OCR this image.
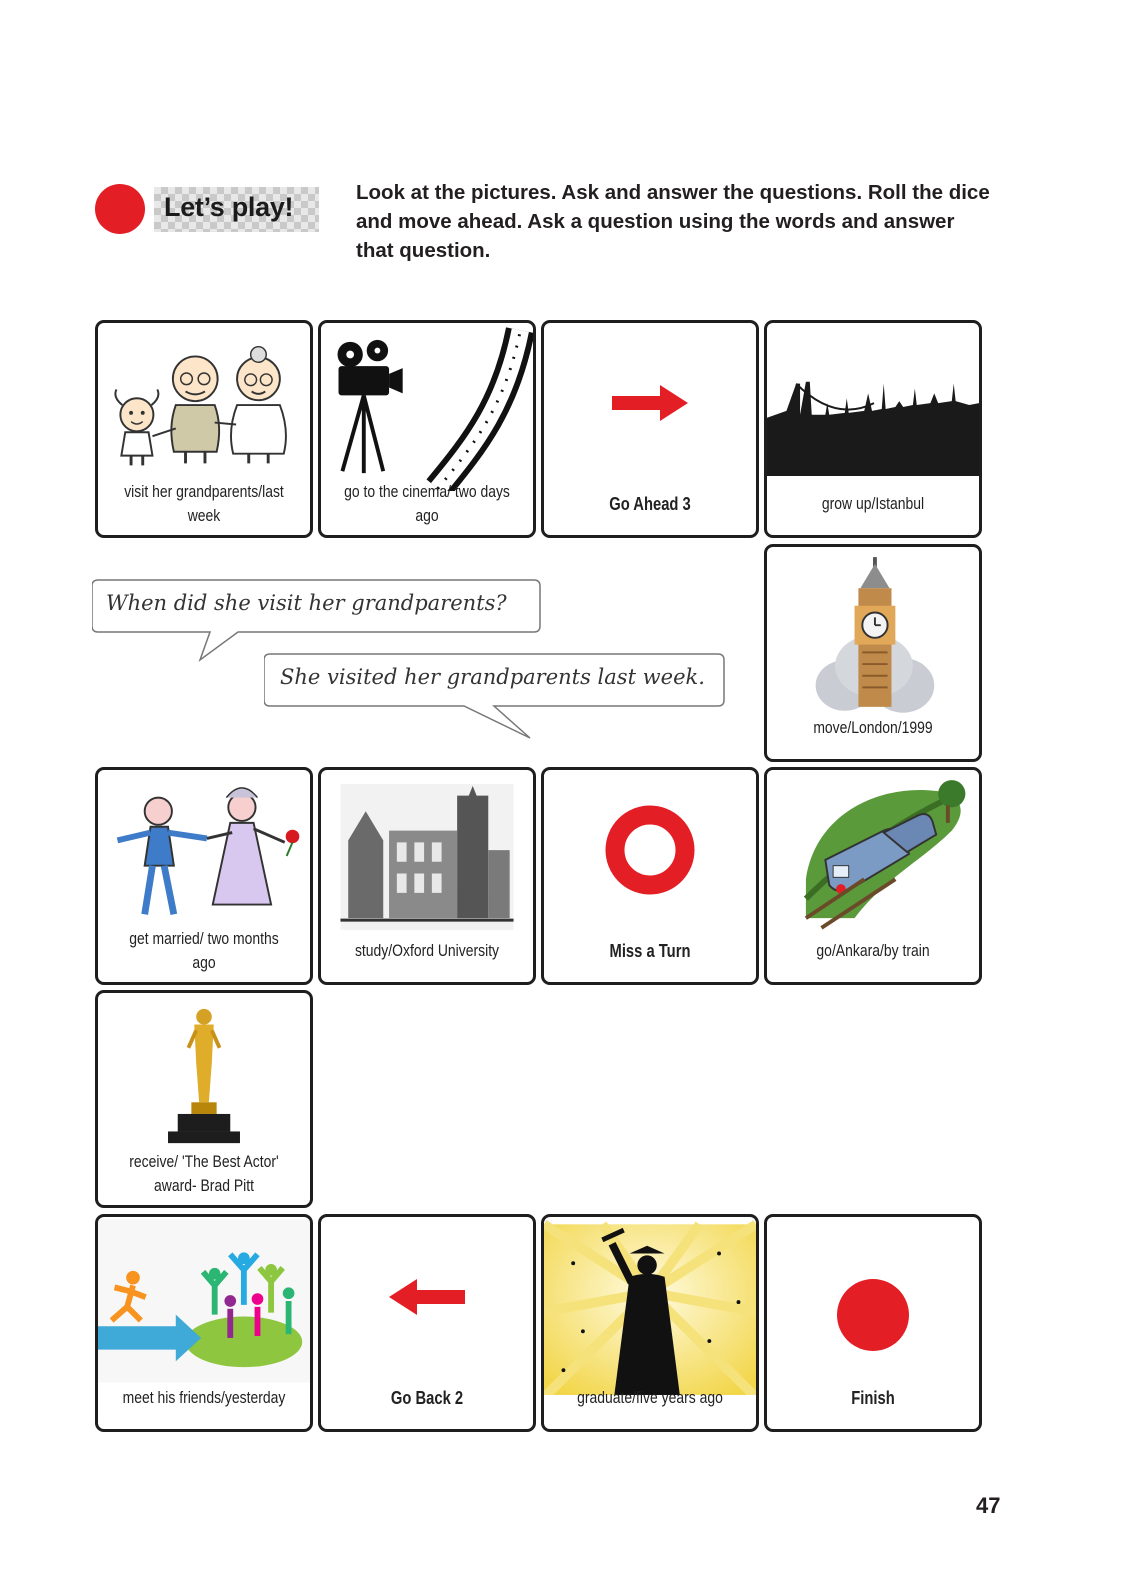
Let’s play!	Look at the pictures. Ask and answer the questions. Roll the dice and move ahead. Ask a question using the words and answer that question.
visit her grandparents/last week
go to the cinema/ two days ago
Go Ahead 3	grow up/Istanbul
When did she visit her grandparents?
She visited her grandparents last week.
move/London/1999
get married/ two months ago
study/Oxford University	Miss a Turn	go/Ankara/by train
receive/ 'The Best Actor' award- Brad Pitt
meet his friends/yesterday	Go Back 2	graduate/five years ago	Finish
47
